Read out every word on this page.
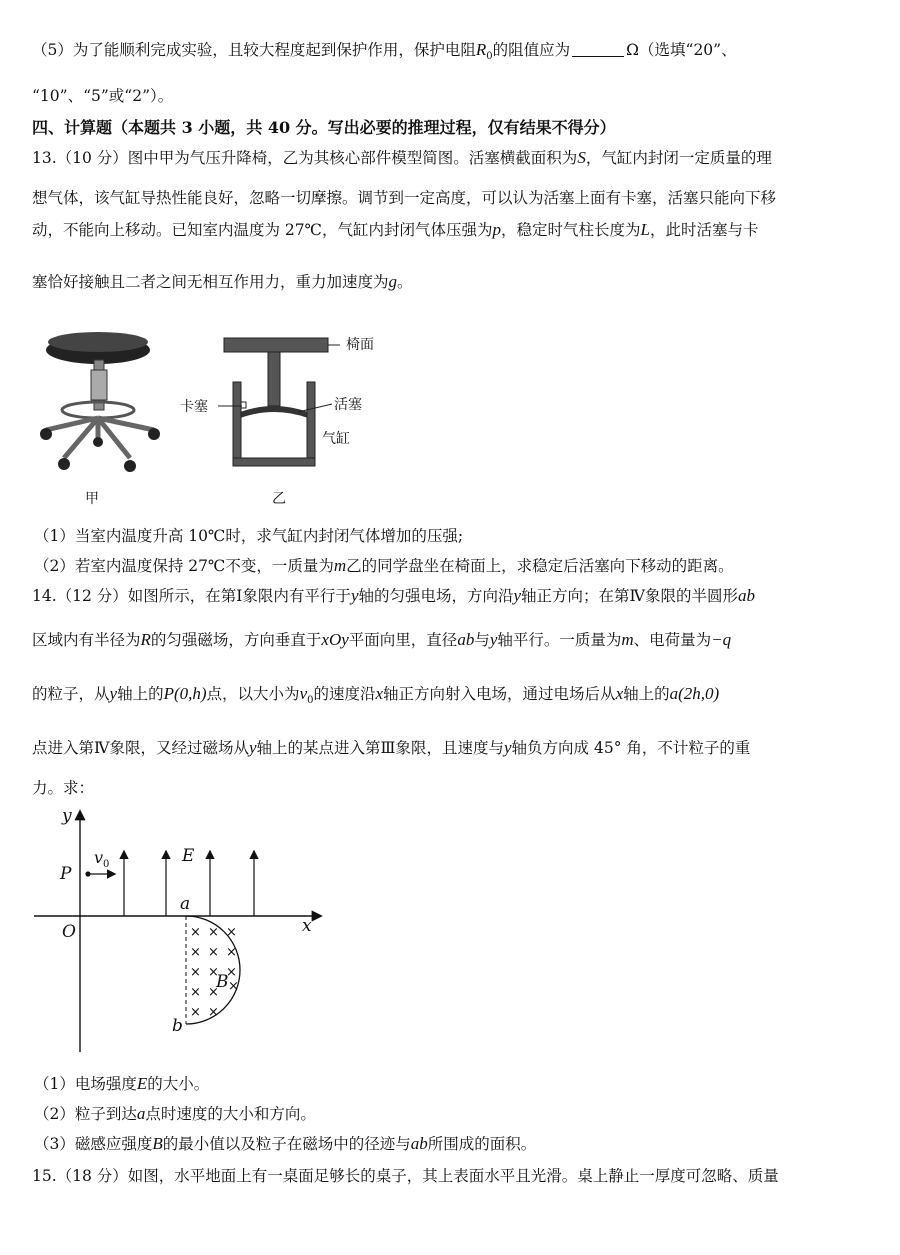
（5）为了能顺利完成实验，且较大程度起到保护作用，保护电阻$R_0$的阻值应为	Ω（选填“20”、
“10”、“5”或“2”）。
四、计算题（本题共 3 小题，共 40 分。写出必要的推理过程，仅有结果不得分）
13.（10 分）图中甲为气压升降椅，乙为其核心部件模型简图。活塞横截面积为S，气缸内封闭一定质量的理
想气体，该气缸导热性能良好，忽略一切摩擦。调节到一定高度，可以认为活塞上面有卡塞，活塞只能向下移
动，不能向上移动。已知室内温度为 27℃，气缸内封闭气体压强为p，稳定时气柱长度为L，此时活塞与卡
塞恰好接触且二者之间无相互作用力，重力加速度为g。
甲
椅面
卡塞	活塞
气缸
乙
（1）当室内温度升高 10℃时，求气缸内封闭气体增加的压强;
（2）若室内温度保持 27℃不变，一质量为m乙的同学盘坐在椅面上，求稳定后活塞向下移动的距离。
14.（12 分）如图所示，在第Ⅰ象限内有平行于y轴的匀强电场，方向沿y轴正方向；在第Ⅳ象限的半圆形ab
区域内有半径为R的匀强磁场，方向垂直于xOy平面向里，直径ab与y轴平行。一质量为m、电荷量为−q
的粒子，从y轴上的P(0,h)点，以大小为$v_0$的速度沿x轴正方向射入电场，通过电场后从x轴上的a(2h,0)
点进入第Ⅳ象限，又经过磁场从y轴上的某点进入第Ⅲ象限，且速度与y轴负方向成 45° 角，不计粒子的重
力。求：
× × ×
× × ×
× × ×
× ×
× ×
×
y
x
O
P
$v_0$	E
a
b
B
（1）电场强度E的大小。
（2）粒子到达a点时速度的大小和方向。
（3）磁感应强度B的最小值以及粒子在磁场中的径迹与ab所围成的面积。
15.（18 分）如图，水平地面上有一桌面足够长的桌子，其上表面水平且光滑。桌上静止一厚度可忽略、质量
